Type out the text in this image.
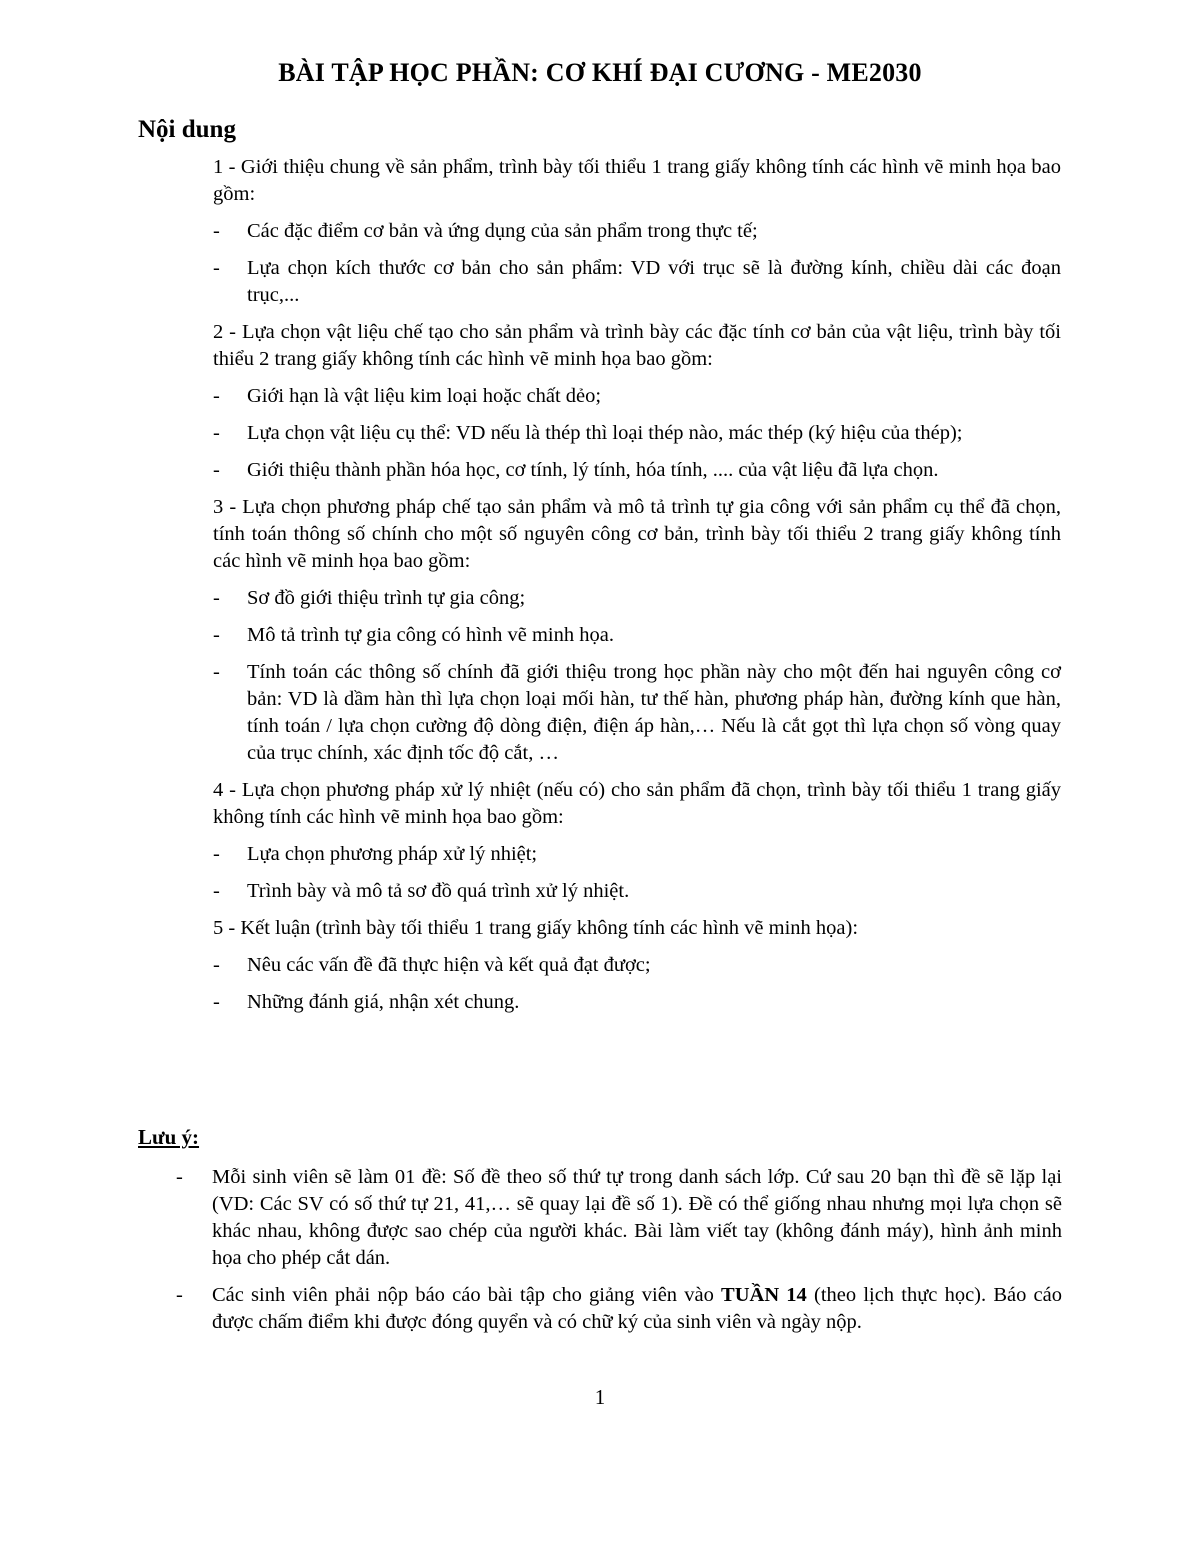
BÀI TẬP HỌC PHẦN: CƠ KHÍ ĐẠI CƯƠNG - ME2030
Nội dung

1 - Giới thiệu chung về sản phẩm, trình bày tối thiểu 1 trang giấy không tính các hình vẽ minh họa bao gồm:

-	Các đặc điểm cơ bản và ứng dụng của sản phẩm trong thực tế;
-	Lựa chọn kích thước cơ bản cho sản phẩm: VD với trục sẽ là đường kính, chiều dài các đoạn trục,...

2 - Lựa chọn vật liệu chế tạo cho sản phẩm và trình bày các đặc tính cơ bản của vật liệu, trình bày tối thiểu 2 trang giấy không tính các hình vẽ minh họa bao gồm:

-	Giới hạn là vật liệu kim loại hoặc chất dẻo;
-	Lựa chọn vật liệu cụ thể: VD nếu là thép thì loại thép nào, mác thép (ký hiệu của thép);
-	Giới thiệu thành phần hóa học, cơ tính, lý tính, hóa tính, .... của vật liệu đã lựa chọn.

3 - Lựa chọn phương pháp chế tạo sản phẩm và mô tả trình tự gia công với sản phẩm cụ thể đã chọn, tính toán thông số chính cho một số nguyên công cơ bản, trình bày tối thiểu 2 trang giấy không tính các hình vẽ minh họa bao gồm:

-	Sơ đồ giới thiệu trình tự gia công;
-	Mô tả trình tự gia công có hình vẽ minh họa.
-	Tính toán các thông số chính đã giới thiệu trong học phần này cho một đến hai nguyên công cơ bản: VD là dầm hàn thì lựa chọn loại mối hàn, tư thế hàn, phương pháp hàn, đường kính que hàn, tính toán / lựa chọn cường độ dòng điện, điện áp hàn,… Nếu là cắt gọt thì lựa chọn số vòng quay của trục chính, xác định tốc độ cắt, …

4 - Lựa chọn phương pháp xử lý nhiệt (nếu có) cho sản phẩm đã chọn, trình bày tối thiểu 1 trang giấy không tính các hình vẽ minh họa bao gồm:

-	Lựa chọn phương pháp xử lý nhiệt;
-	Trình bày và mô tả sơ đồ quá trình xử lý nhiệt.

5 - Kết luận (trình bày tối thiểu 1 trang giấy không tính các hình vẽ minh họa):

-	Nêu các vấn đề đã thực hiện và kết quả đạt được;
-	Những đánh giá, nhận xét chung.
Lưu ý:
-	Mỗi sinh viên sẽ làm 01 đề: Số đề theo số thứ tự trong danh sách lớp. Cứ sau 20 bạn thì đề sẽ lặp lại (VD: Các SV có số thứ tự 21, 41,… sẽ quay lại đề số 1). Đề có thể giống nhau nhưng mọi lựa chọn sẽ khác nhau, không được sao chép của người khác. Bài làm viết tay (không đánh máy), hình ảnh minh họa cho phép cắt dán.
-	Các sinh viên phải nộp báo cáo bài tập cho giảng viên vào TUẦN 14 (theo lịch thực học). Báo cáo được chấm điểm khi được đóng quyển và có chữ ký của sinh viên và ngày nộp.
1
